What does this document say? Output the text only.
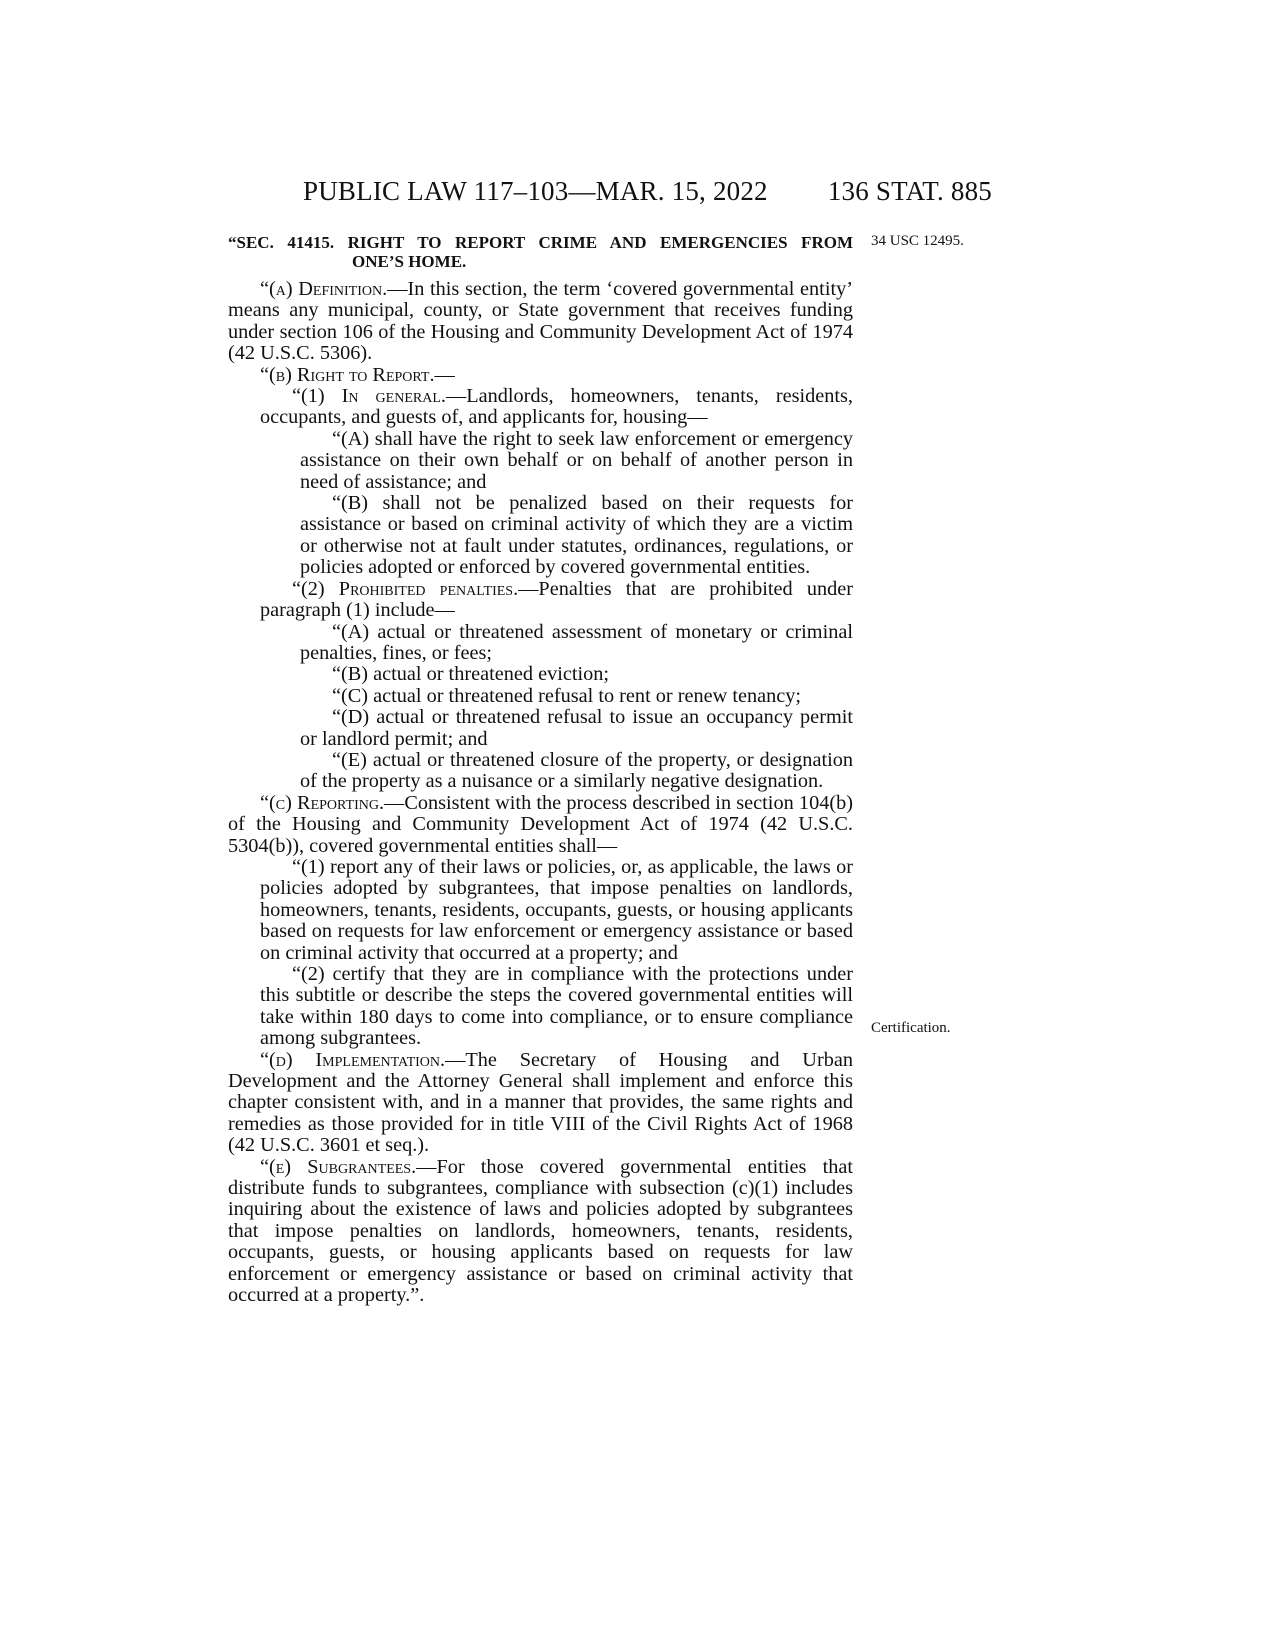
PUBLIC LAW 117–103—MAR. 15, 2022 136 STAT. 885
34 USC 12495.
Certification.
“SEC. 41415. RIGHT TO REPORT CRIME AND EMERGENCIES FROM
ONE’S HOME.

“(a) Definition.—In this section, the term ‘covered governmental entity’ means any municipal, county, or State government that receives funding under section 106 of the Housing and Community Development Act of 1974 (42 U.S.C. 5306).

“(b) Right to Report.—

“(1) In general.—Landlords, homeowners, tenants, residents, occupants, and guests of, and applicants for, housing—

“(A) shall have the right to seek law enforcement or emergency assistance on their own behalf or on behalf of another person in need of assistance; and

“(B) shall not be penalized based on their requests for assistance or based on criminal activity of which they are a victim or otherwise not at fault under statutes, ordinances, regulations, or policies adopted or enforced by covered governmental entities.

“(2) Prohibited penalties.—Penalties that are prohibited under paragraph (1) include—

“(A) actual or threatened assessment of monetary or criminal penalties, fines, or fees;

“(B) actual or threatened eviction;

“(C) actual or threatened refusal to rent or renew tenancy;

“(D) actual or threatened refusal to issue an occupancy permit or landlord permit; and

“(E) actual or threatened closure of the property, or designation of the property as a nuisance or a similarly negative designation.

“(c) Reporting.—Consistent with the process described in section 104(b) of the Housing and Community Development Act of 1974 (42 U.S.C. 5304(b)), covered governmental entities shall—

“(1) report any of their laws or policies, or, as applicable, the laws or policies adopted by subgrantees, that impose penalties on landlords, homeowners, tenants, residents, occupants, guests, or housing applicants based on requests for law enforcement or emergency assistance or based on criminal activity that occurred at a property; and

“(2) certify that they are in compliance with the protections under this subtitle or describe the steps the covered governmental entities will take within 180 days to come into compliance, or to ensure compliance among subgrantees.

“(d) Implementation.—The Secretary of Housing and Urban Development and the Attorney General shall implement and enforce this chapter consistent with, and in a manner that provides, the same rights and remedies as those provided for in title VIII of the Civil Rights Act of 1968 (42 U.S.C. 3601 et seq.).

“(e) Subgrantees.—For those covered governmental entities that distribute funds to subgrantees, compliance with subsection (c)(1) includes inquiring about the existence of laws and policies adopted by subgrantees that impose penalties on landlords, homeowners, tenants, residents, occupants, guests, or housing applicants based on requests for law enforcement or emergency assistance or based on criminal activity that occurred at a property.”.
